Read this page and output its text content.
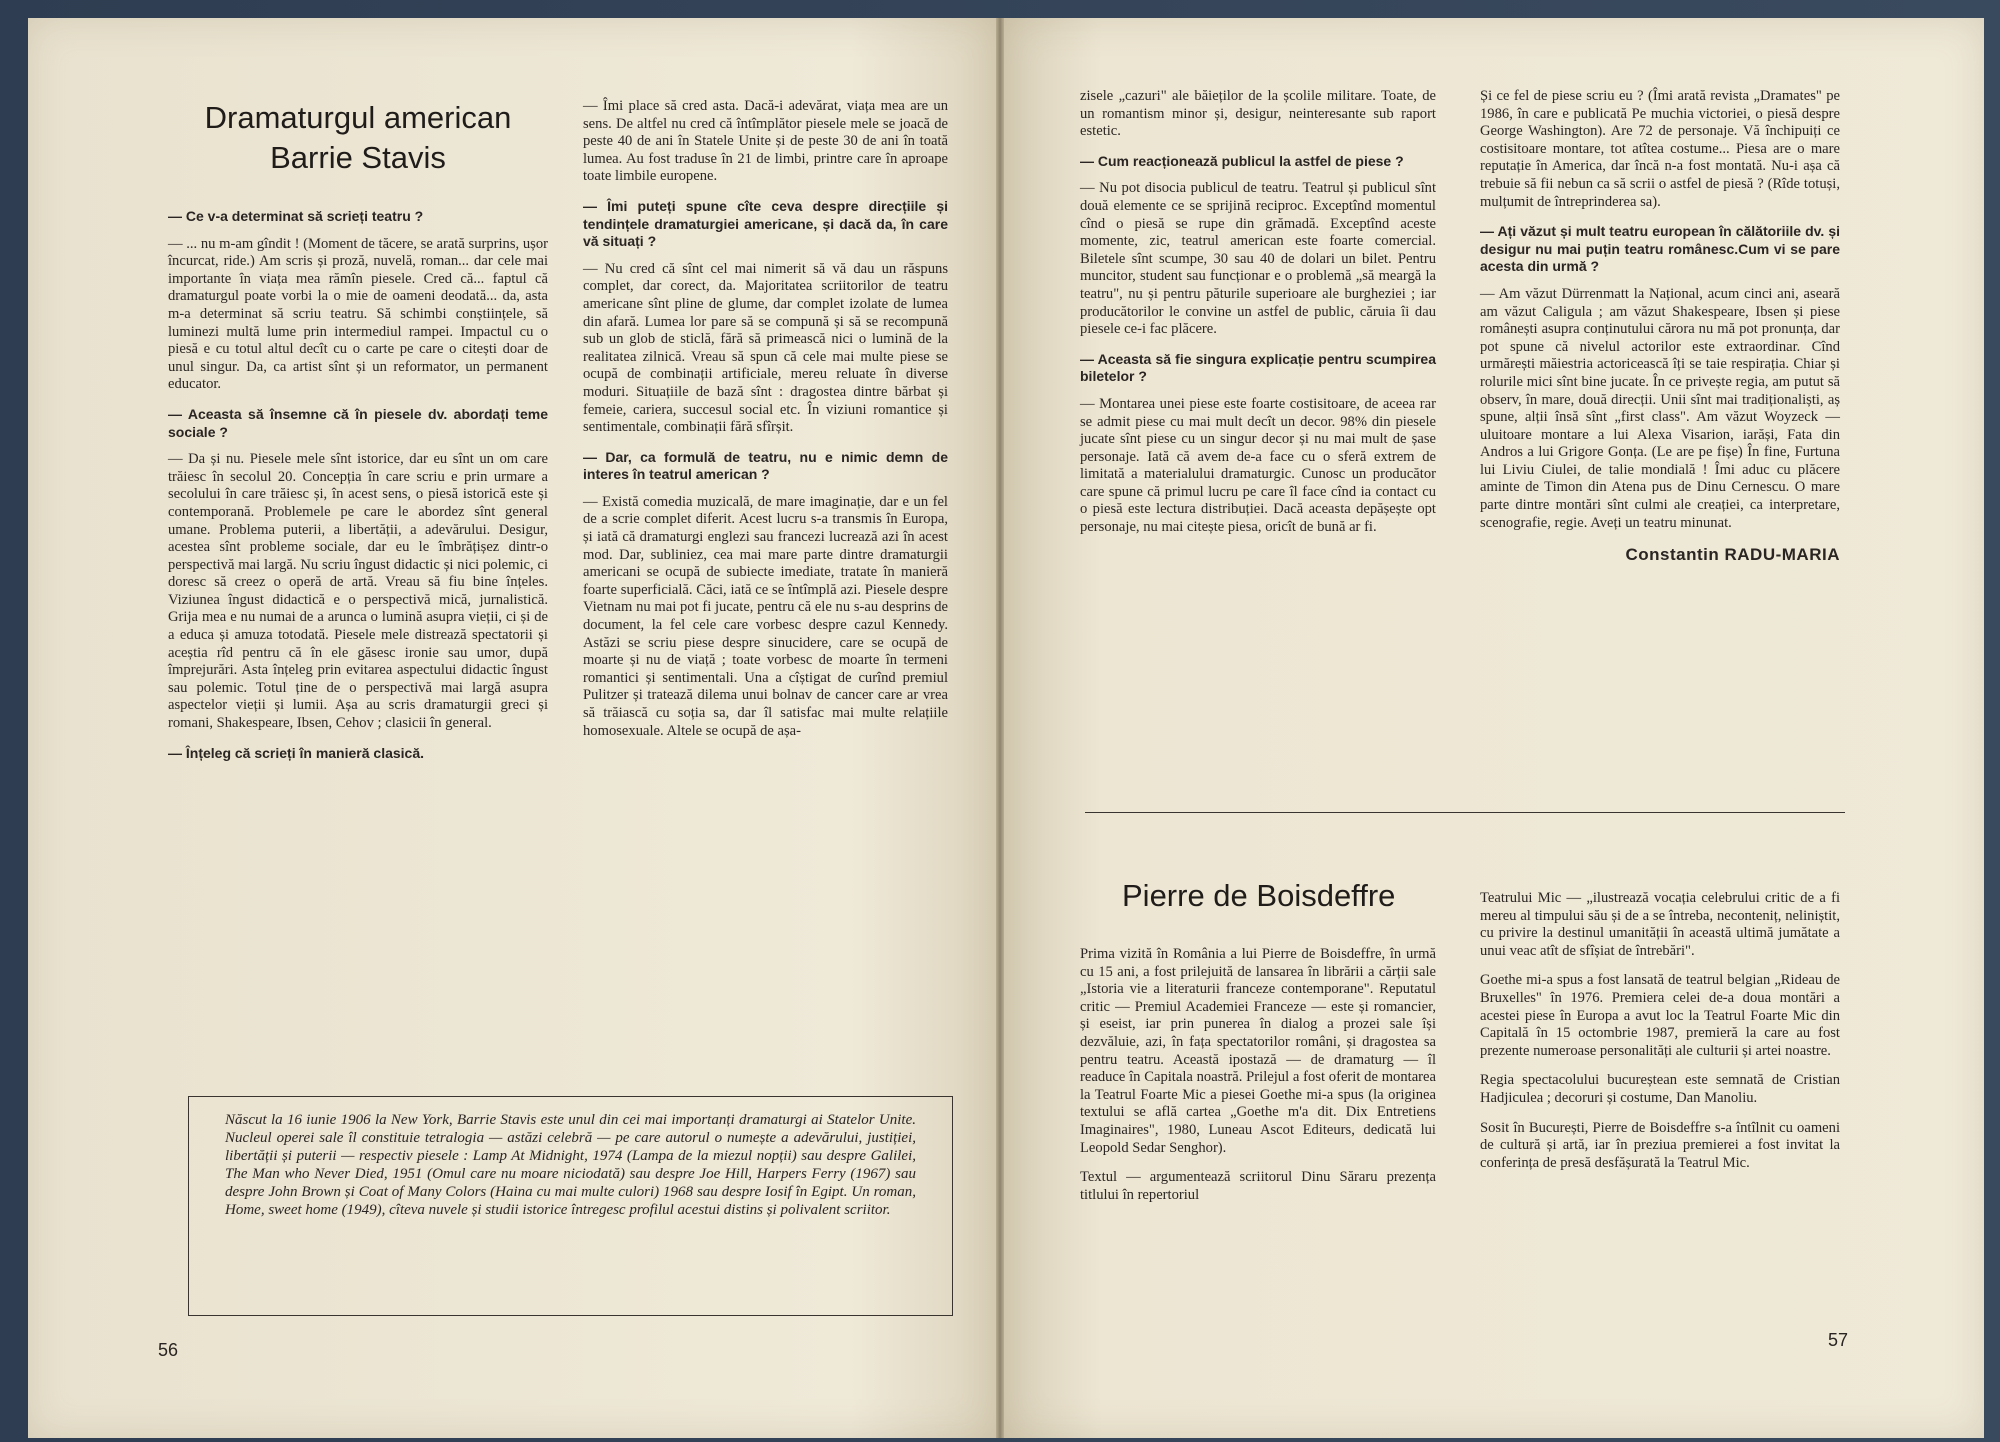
Dramaturgul american Barrie Stavis
— Ce v-a determinat să scrieți teatru ?
— ... nu m-am gîndit ! (Moment de tăcere, se arată surprins, ușor încurcat, ride.) Am scris și proză, nuvelă, roman... dar cele mai importante în viața mea rămîn piesele. Cred că... faptul că dramaturgul poate vorbi la o mie de oameni deodată... da, asta m-a determinat să scriu teatru. Să schimbi conștiințele, să luminezi multă lume prin intermediul rampei. Impactul cu o piesă e cu totul altul decît cu o carte pe care o citești doar de unul singur. Da, ca artist sînt și un reformator, un permanent educator.
— Aceasta să însemne că în piesele dv. abordați teme sociale ?
— Da și nu. Piesele mele sînt istorice, dar eu sînt un om care trăiesc în secolul 20. Concepția în care scriu e prin urmare a secolului în care trăiesc și, în acest sens, o piesă istorică este și contemporană. Problemele pe care le abordez sînt general umane. Problema puterii, a libertății, a adevărului. Desigur, acestea sînt probleme sociale, dar eu le îmbrățișez dintr-o perspectivă mai largă. Nu scriu îngust didactic și nici polemic, ci doresc să creez o operă de artă. Vreau să fiu bine înțeles. Viziunea îngust didactică e o perspectivă mică, jurnalistică. Grija mea e nu numai de a arunca o lumină asupra vieții, ci și de a educa și amuza totodată. Piesele mele distrează spectatorii și aceștia rîd pentru că în ele găsesc ironie sau umor, după împrejurări. Asta înțeleg prin evitarea aspectului didactic îngust sau polemic. Totul ține de o perspectivă mai largă asupra aspectelor vieții și lumii. Așa au scris dramaturgii greci și romani, Shakespeare, Ibsen, Cehov ; clasicii în general.
— Înțeleg că scrieți în manieră clasică.
— Îmi place să cred asta. Dacă-i adevărat, viața mea are un sens. De altfel nu cred că întîmplător piesele mele se joacă de peste 40 de ani în Statele Unite și de peste 30 de ani în toată lumea. Au fost traduse în 21 de limbi, printre care în aproape toate limbile europene.
— Îmi puteți spune cîte ceva despre direcțiile și tendințele dramaturgiei americane, și dacă da, în care vă situați ?
— Nu cred că sînt cel mai nimerit să vă dau un răspuns complet, dar corect, da. Majoritatea scriitorilor de teatru americane sînt pline de glume, dar complet izolate de lumea din afară. Lumea lor pare să se compună și să se recompună sub un glob de sticlă, fără să primească nici o lumină de la realitatea zilnică. Vreau să spun că cele mai multe piese se ocupă de combinații artificiale, mereu reluate în diverse moduri. Situațiile de bază sînt : dragostea dintre bărbat și femeie, cariera, succesul social etc. În viziuni romantice și sentimentale, combinații fără sfîrșit.
— Dar, ca formulă de teatru, nu e nimic demn de interes în teatrul american ?
— Există comedia muzicală, de mare imaginație, dar e un fel de a scrie complet diferit. Acest lucru s-a transmis în Europa, și iată că dramaturgi englezi sau francezi lucrează azi în acest mod. Dar, subliniez, cea mai mare parte dintre dramaturgii americani se ocupă de subiecte imediate, tratate în manieră foarte superficială. Căci, iată ce se întîmplă azi. Piesele despre Vietnam nu mai pot fi jucate, pentru că ele nu s-au desprins de document, la fel cele care vorbesc despre cazul Kennedy. Astăzi se scriu piese despre sinucidere, care se ocupă de moarte și nu de viață ; toate vorbesc de moarte în termeni romantici și sentimentali. Una a cîștigat de curînd premiul Pulitzer și tratează dilema unui bolnav de cancer care ar vrea să trăiască cu soția sa, dar îl satisfac mai multe relațiile homosexuale. Altele se ocupă de așa-
Născut la 16 iunie 1906 la New York, Barrie Stavis este unul din cei mai importanți dramaturgi ai Statelor Unite. Nucleul operei sale îl constituie tetralogia — astăzi celebră — pe care autorul o numește a adevărului, justiției, libertății și puterii — respectiv piesele : Lamp At Midnight, 1974 (Lampa de la miezul nopții) sau despre Galilei, The Man who Never Died, 1951 (Omul care nu moare niciodată) sau despre Joe Hill, Harpers Ferry (1967) sau despre John Brown și Coat of Many Colors (Haina cu mai multe culori) 1968 sau despre Iosif în Egipt. Un roman, Home, sweet home (1949), cîteva nuvele și studii istorice întregesc profilul acestui distins și polivalent scriitor.
56
zisele „cazuri" ale băieților de la școlile militare. Toate, de un romantism minor și, desigur, neinteresante sub raport estetic.
— Cum reacționează publicul la astfel de piese ?
— Nu pot disocia publicul de teatru. Teatrul și publicul sînt două elemente ce se sprijină reciproc. Exceptînd momentul cînd o piesă se rupe din grămadă. Exceptînd aceste momente, zic, teatrul american este foarte comercial. Biletele sînt scumpe, 30 sau 40 de dolari un bilet. Pentru muncitor, student sau funcționar e o problemă „să meargă la teatru", nu și pentru păturile superioare ale burgheziei ; iar producătorilor le convine un astfel de public, căruia îi dau piesele ce-i fac plăcere.
— Aceasta să fie singura explicație pentru scumpirea biletelor ?
— Montarea unei piese este foarte costisitoare, de aceea rar se admit piese cu mai mult decît un decor. 98% din piesele jucate sînt piese cu un singur decor și nu mai mult de șase personaje. Iată că avem de-a face cu o sferă extrem de limitată a materialului dramaturgic. Cunosc un producător care spune că primul lucru pe care îl face cînd ia contact cu o piesă este lectura distribuției. Dacă aceasta depășește opt personaje, nu mai citește piesa, oricît de bună ar fi.
Și ce fel de piese scriu eu ? (Îmi arată revista „Dramates" pe 1986, în care e publicată Pe muchia victoriei, o piesă despre George Washington). Are 72 de personaje. Vă închipuiți ce costisitoare montare, tot atîtea costume... Piesa are o mare reputație în America, dar încă n-a fost montată. Nu-i așa că trebuie să fii nebun ca să scrii o astfel de piesă ? (Rîde totuși, mulțumit de întreprinderea sa).
— Ați văzut și mult teatru european în călătoriile dv. și desigur nu mai puțin teatru românesc.Cum vi se pare acesta din urmă ?
— Am văzut Dürrenmatt la Național, acum cinci ani, aseară am văzut Caligula ; am văzut Shakespeare, Ibsen și piese românești asupra conținutului cărora nu mă pot pronunța, dar pot spune că nivelul actorilor este extraordinar. Cînd urmărești măiestria actoricească îți se taie respirația. Chiar și rolurile mici sînt bine jucate. În ce privește regia, am putut să observ, în mare, două direcții. Unii sînt mai tradiționaliști, aș spune, alții însă sînt „first class". Am văzut Woyzeck — uluitoare montare a lui Alexa Visarion, iarăși, Fata din Andros a lui Grigore Gonța. (Le are pe fișe) În fine, Furtuna lui Liviu Ciulei, de talie mondială ! Îmi aduc cu plăcere aminte de Timon din Atena pus de Dinu Cernescu. O mare parte dintre montări sînt culmi ale creației, ca interpretare, scenografie, regie. Aveți un teatru minunat.
Constantin RADU-MARIA
Pierre de Boisdeffre
Prima vizită în România a lui Pierre de Boisdeffre, în urmă cu 15 ani, a fost prilejuită de lansarea în librării a cărții sale „Istoria vie a literaturii franceze contemporane". Reputatul critic — Premiul Academiei Franceze — este și romancier, și eseist, iar prin punerea în dialog a prozei sale își dezvăluie, azi, în fața spectatorilor români, și dragostea sa pentru teatru. Această ipostază — de dramaturg — îl readuce în Capitala noastră. Prilejul a fost oferit de montarea la Teatrul Foarte Mic a piesei Goethe mi-a spus (la originea textului se află cartea „Goethe m'a dit. Dix Entretiens Imaginaires", 1980, Luneau Ascot Editeurs, dedicată lui Leopold Sedar Senghor).
Textul — argumentează scriitorul Dinu Săraru prezența titlului în repertoriul
Teatrului Mic — „ilustrează vocația celebrului critic de a fi mereu al timpului său și de a se întreba, neconteniț, neliniștit, cu privire la destinul umanității în această ultimă jumătate a unui veac atît de sfîșiat de întrebări".
Goethe mi-a spus a fost lansată de teatrul belgian „Rideau de Bruxelles" în 1976. Premiera celei de-a doua montări a acestei piese în Europa a avut loc la Teatrul Foarte Mic din Capitală în 15 octombrie 1987, premieră la care au fost prezente numeroase personalități ale culturii și artei noastre.
Regia spectacolului bucureștean este semnată de Cristian Hadjiculea ; decoruri și costume, Dan Manoliu.
Sosit în București, Pierre de Boisdeffre s-a întîlnit cu oameni de cultură și artă, iar în preziua premierei a fost invitat la conferința de presă desfășurată la Teatrul Mic.
57
